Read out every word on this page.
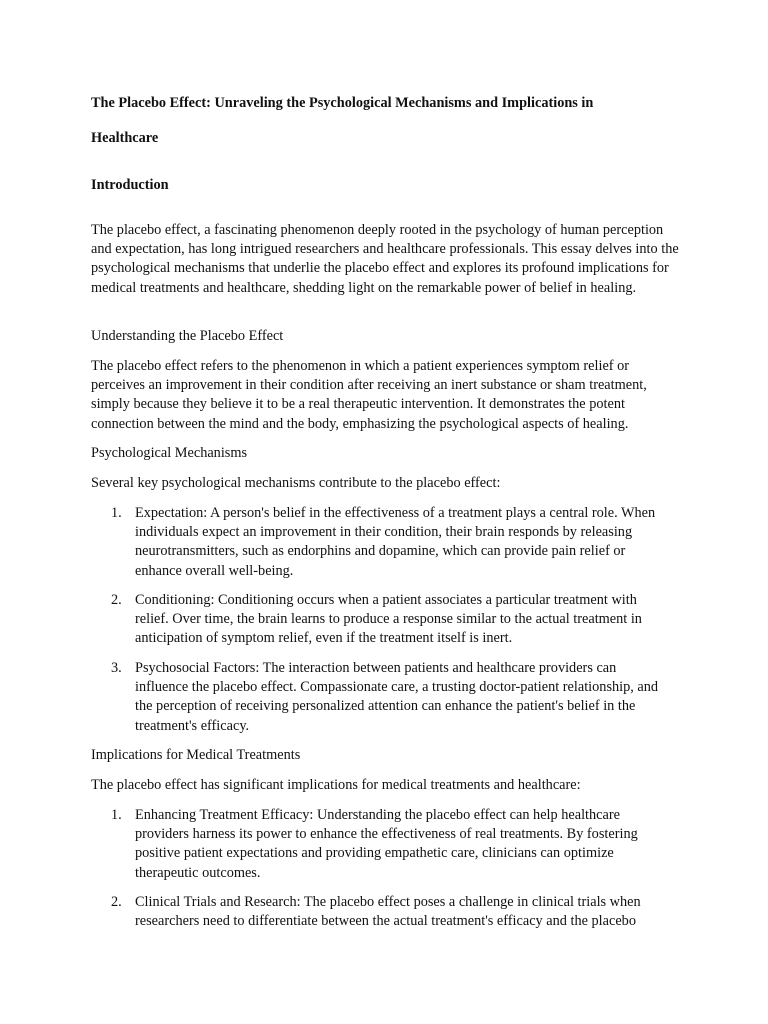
The Placebo Effect: Unraveling the Psychological Mechanisms and Implications in
Healthcare
Introduction
The placebo effect, a fascinating phenomenon deeply rooted in the psychology of human perception and expectation, has long intrigued researchers and healthcare professionals. This essay delves into the psychological mechanisms that underlie the placebo effect and explores its profound implications for medical treatments and healthcare, shedding light on the remarkable power of belief in healing.
Understanding the Placebo Effect
The placebo effect refers to the phenomenon in which a patient experiences symptom relief or perceives an improvement in their condition after receiving an inert substance or sham treatment, simply because they believe it to be a real therapeutic intervention. It demonstrates the potent connection between the mind and the body, emphasizing the psychological aspects of healing.
Psychological Mechanisms
Several key psychological mechanisms contribute to the placebo effect:
1. Expectation: A person's belief in the effectiveness of a treatment plays a central role. When individuals expect an improvement in their condition, their brain responds by releasing neurotransmitters, such as endorphins and dopamine, which can provide pain relief or enhance overall well-being.
2. Conditioning: Conditioning occurs when a patient associates a particular treatment with relief. Over time, the brain learns to produce a response similar to the actual treatment in anticipation of symptom relief, even if the treatment itself is inert.
3. Psychosocial Factors: The interaction between patients and healthcare providers can influence the placebo effect. Compassionate care, a trusting doctor-patient relationship, and the perception of receiving personalized attention can enhance the patient's belief in the treatment's efficacy.
Implications for Medical Treatments
The placebo effect has significant implications for medical treatments and healthcare:
1. Enhancing Treatment Efficacy: Understanding the placebo effect can help healthcare providers harness its power to enhance the effectiveness of real treatments. By fostering positive patient expectations and providing empathetic care, clinicians can optimize therapeutic outcomes.
2. Clinical Trials and Research: The placebo effect poses a challenge in clinical trials when researchers need to differentiate between the actual treatment's efficacy and the placebo
